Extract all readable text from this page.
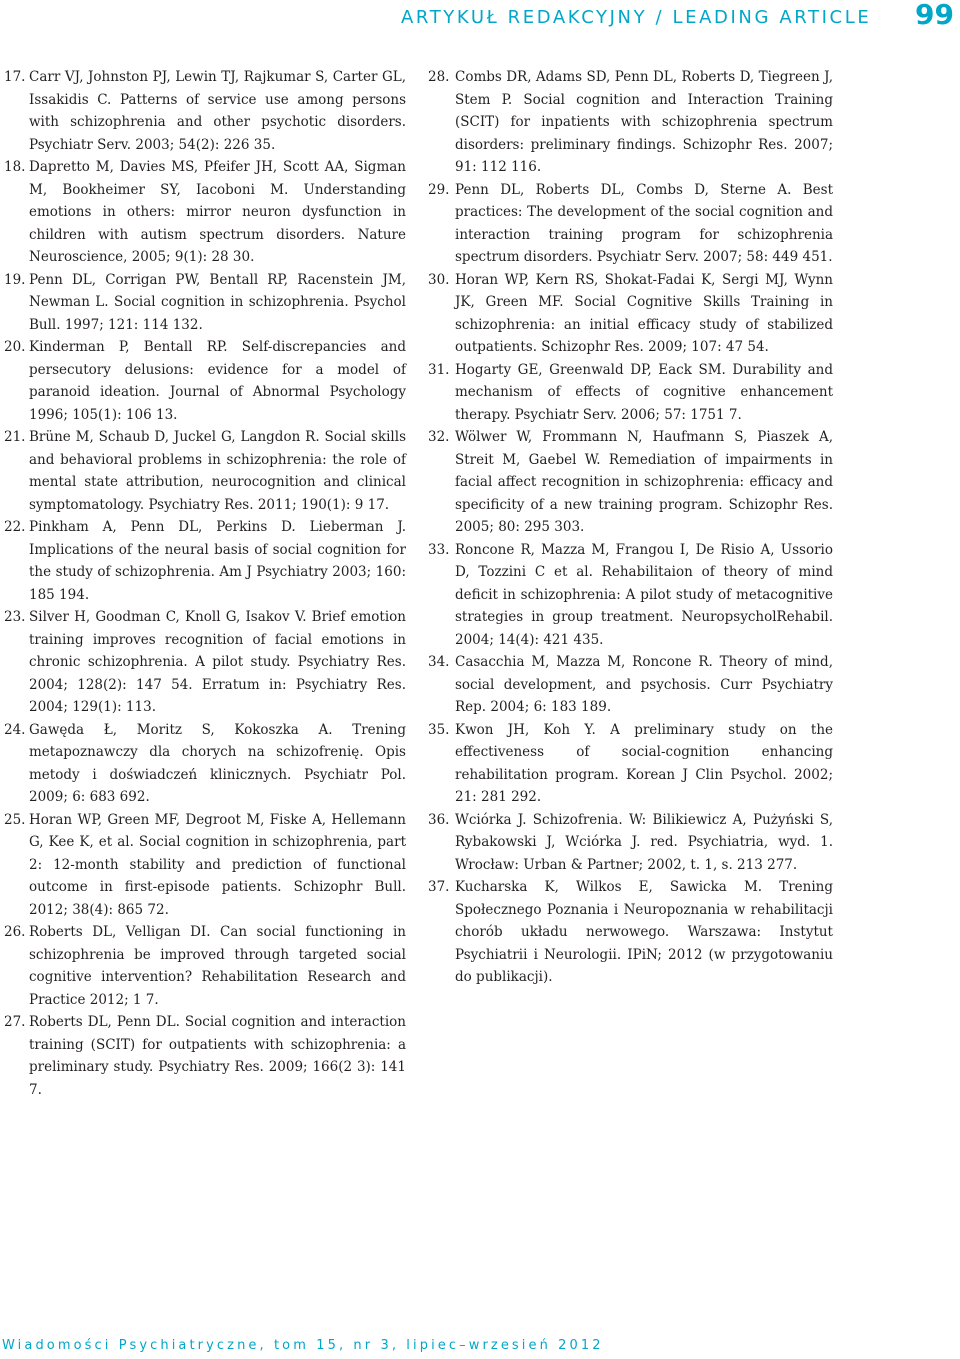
ARTYKUŁ REDAKCYJNY / LEADING ARTICLE 99
17. Carr VJ, Johnston PJ, Lewin TJ, Rajkumar S, Carter GL, Issakidis C. Patterns of service use among persons with schizophrenia and other psychotic disorders. Psychiatr Serv. 2003; 54(2): 226 35.
18. Dapretto M, Davies MS, Pfeifer JH, Scott AA, Sigman M, Bookheimer SY, Iacoboni M. Understanding emotions in others: mirror neuron dysfunction in children with autism spectrum disorders. Nature Neuroscience, 2005; 9(1): 28 30.
19. Penn DL, Corrigan PW, Bentall RP, Racenstein JM, Newman L. Social cognition in schizophrenia. Psychol Bull. 1997; 121: 114 132.
20. Kinderman P, Bentall RP. Self-discrepancies and persecutory delusions: evidence for a model of paranoid ideation. Journal of Abnormal Psychology 1996; 105(1): 106 13.
21. Brüne M, Schaub D, Juckel G, Langdon R. Social skills and behavioral problems in schizophrenia: the role of mental state attribution, neurocognition and clinical symptomatology. Psychiatry Res. 2011; 190(1): 9 17.
22. Pinkham A, Penn DL, Perkins D. Lieberman J. Implications of the neural basis of social cognition for the study of schizophrenia. Am J Psychiatry 2003; 160: 185 194.
23. Silver H, Goodman C, Knoll G, Isakov V. Brief emotion training improves recognition of facial emotions in chronic schizophrenia. A pilot study. Psychiatry Res. 2004; 128(2): 147 54. Erratum in: Psychiatry Res. 2004; 129(1): 113.
24. Gawęda Ł, Moritz S, Kokoszka A. Trening metapoznawczy dla chorych na schizofrenię. Opis metody i doświadczeń klinicznych. Psychiatr Pol. 2009; 6: 683 692.
25. Horan WP, Green MF, Degroot M, Fiske A, Hellemann G, Kee K, et al. Social cognition in schizophrenia, part 2: 12-month stability and prediction of functional outcome in first-episode patients. Schizophr Bull. 2012; 38(4): 865 72.
26. Roberts DL, Velligan DI. Can social functioning in schizophrenia be improved through targeted social cognitive intervention? Rehabilitation Research and Practice 2012; 1 7.
27. Roberts DL, Penn DL. Social cognition and interaction training (SCIT) for outpatients with schizophrenia: a preliminary study. Psychiatry Res. 2009; 166(2 3): 141 7.
28. Combs DR, Adams SD, Penn DL, Roberts D, Tiegreen J, Stem P. Social cognition and Interaction Training (SCIT) for inpatients with schizophrenia spectrum disorders: preliminary findings. Schizophr Res. 2007; 91: 112 116.
29. Penn DL, Roberts DL, Combs D, Sterne A. Best practices: The development of the social cognition and interaction training program for schizophrenia spectrum disorders. Psychiatr Serv. 2007; 58: 449 451.
30. Horan WP, Kern RS, Shokat-Fadai K, Sergi MJ, Wynn JK, Green MF. Social Cognitive Skills Training in schizophrenia: an initial efficacy study of stabilized outpatients. Schizophr Res. 2009; 107: 47 54.
31. Hogarty GE, Greenwald DP, Eack SM. Durability and mechanism of effects of cognitive enhancement therapy. Psychiatr Serv. 2006; 57: 1751 7.
32. Wölwer W, Frommann N, Haufmann S, Piaszek A, Streit M, Gaebel W. Remediation of impairments in facial affect recognition in schizophrenia: efficacy and specificity of a new training program. Schizophr Res. 2005; 80: 295 303.
33. Roncone R, Mazza M, Frangou I, De Risio A, Ussorio D, Tozzini C et al. Rehabilitaion of theory of mind deficit in schizophrenia: A pilot study of metacognitive strategies in group treatment. NeuropsycholRehabil. 2004; 14(4): 421 435.
34. Casacchia M, Mazza M, Roncone R. Theory of mind, social development, and psychosis. Curr Psychiatry Rep. 2004; 6: 183 189.
35. Kwon JH, Koh Y. A preliminary study on the effectiveness of social-cognition enhancing rehabilitation program. Korean J Clin Psychol. 2002; 21: 281 292.
36. Wciórka J. Schizofrenia. W: Bilikiewicz A, Pużyński S, Rybakowski J, Wciórka J. red. Psychiatria, wyd. 1. Wrocław: Urban & Partner; 2002, t. 1, s. 213 277.
37. Kucharska K, Wilkos E, Sawicka M. Trening Społecznego Poznania i Neuropoznania w rehabilitacji chorób układu nerwowego. Warszawa: Instytut Psychiatrii i Neurologii. IPiN; 2012 (w przygotowaniu do publikacji).
Wiadomości Psychiatryczne, tom 15, nr 3, lipiec–wrzesień 2012
